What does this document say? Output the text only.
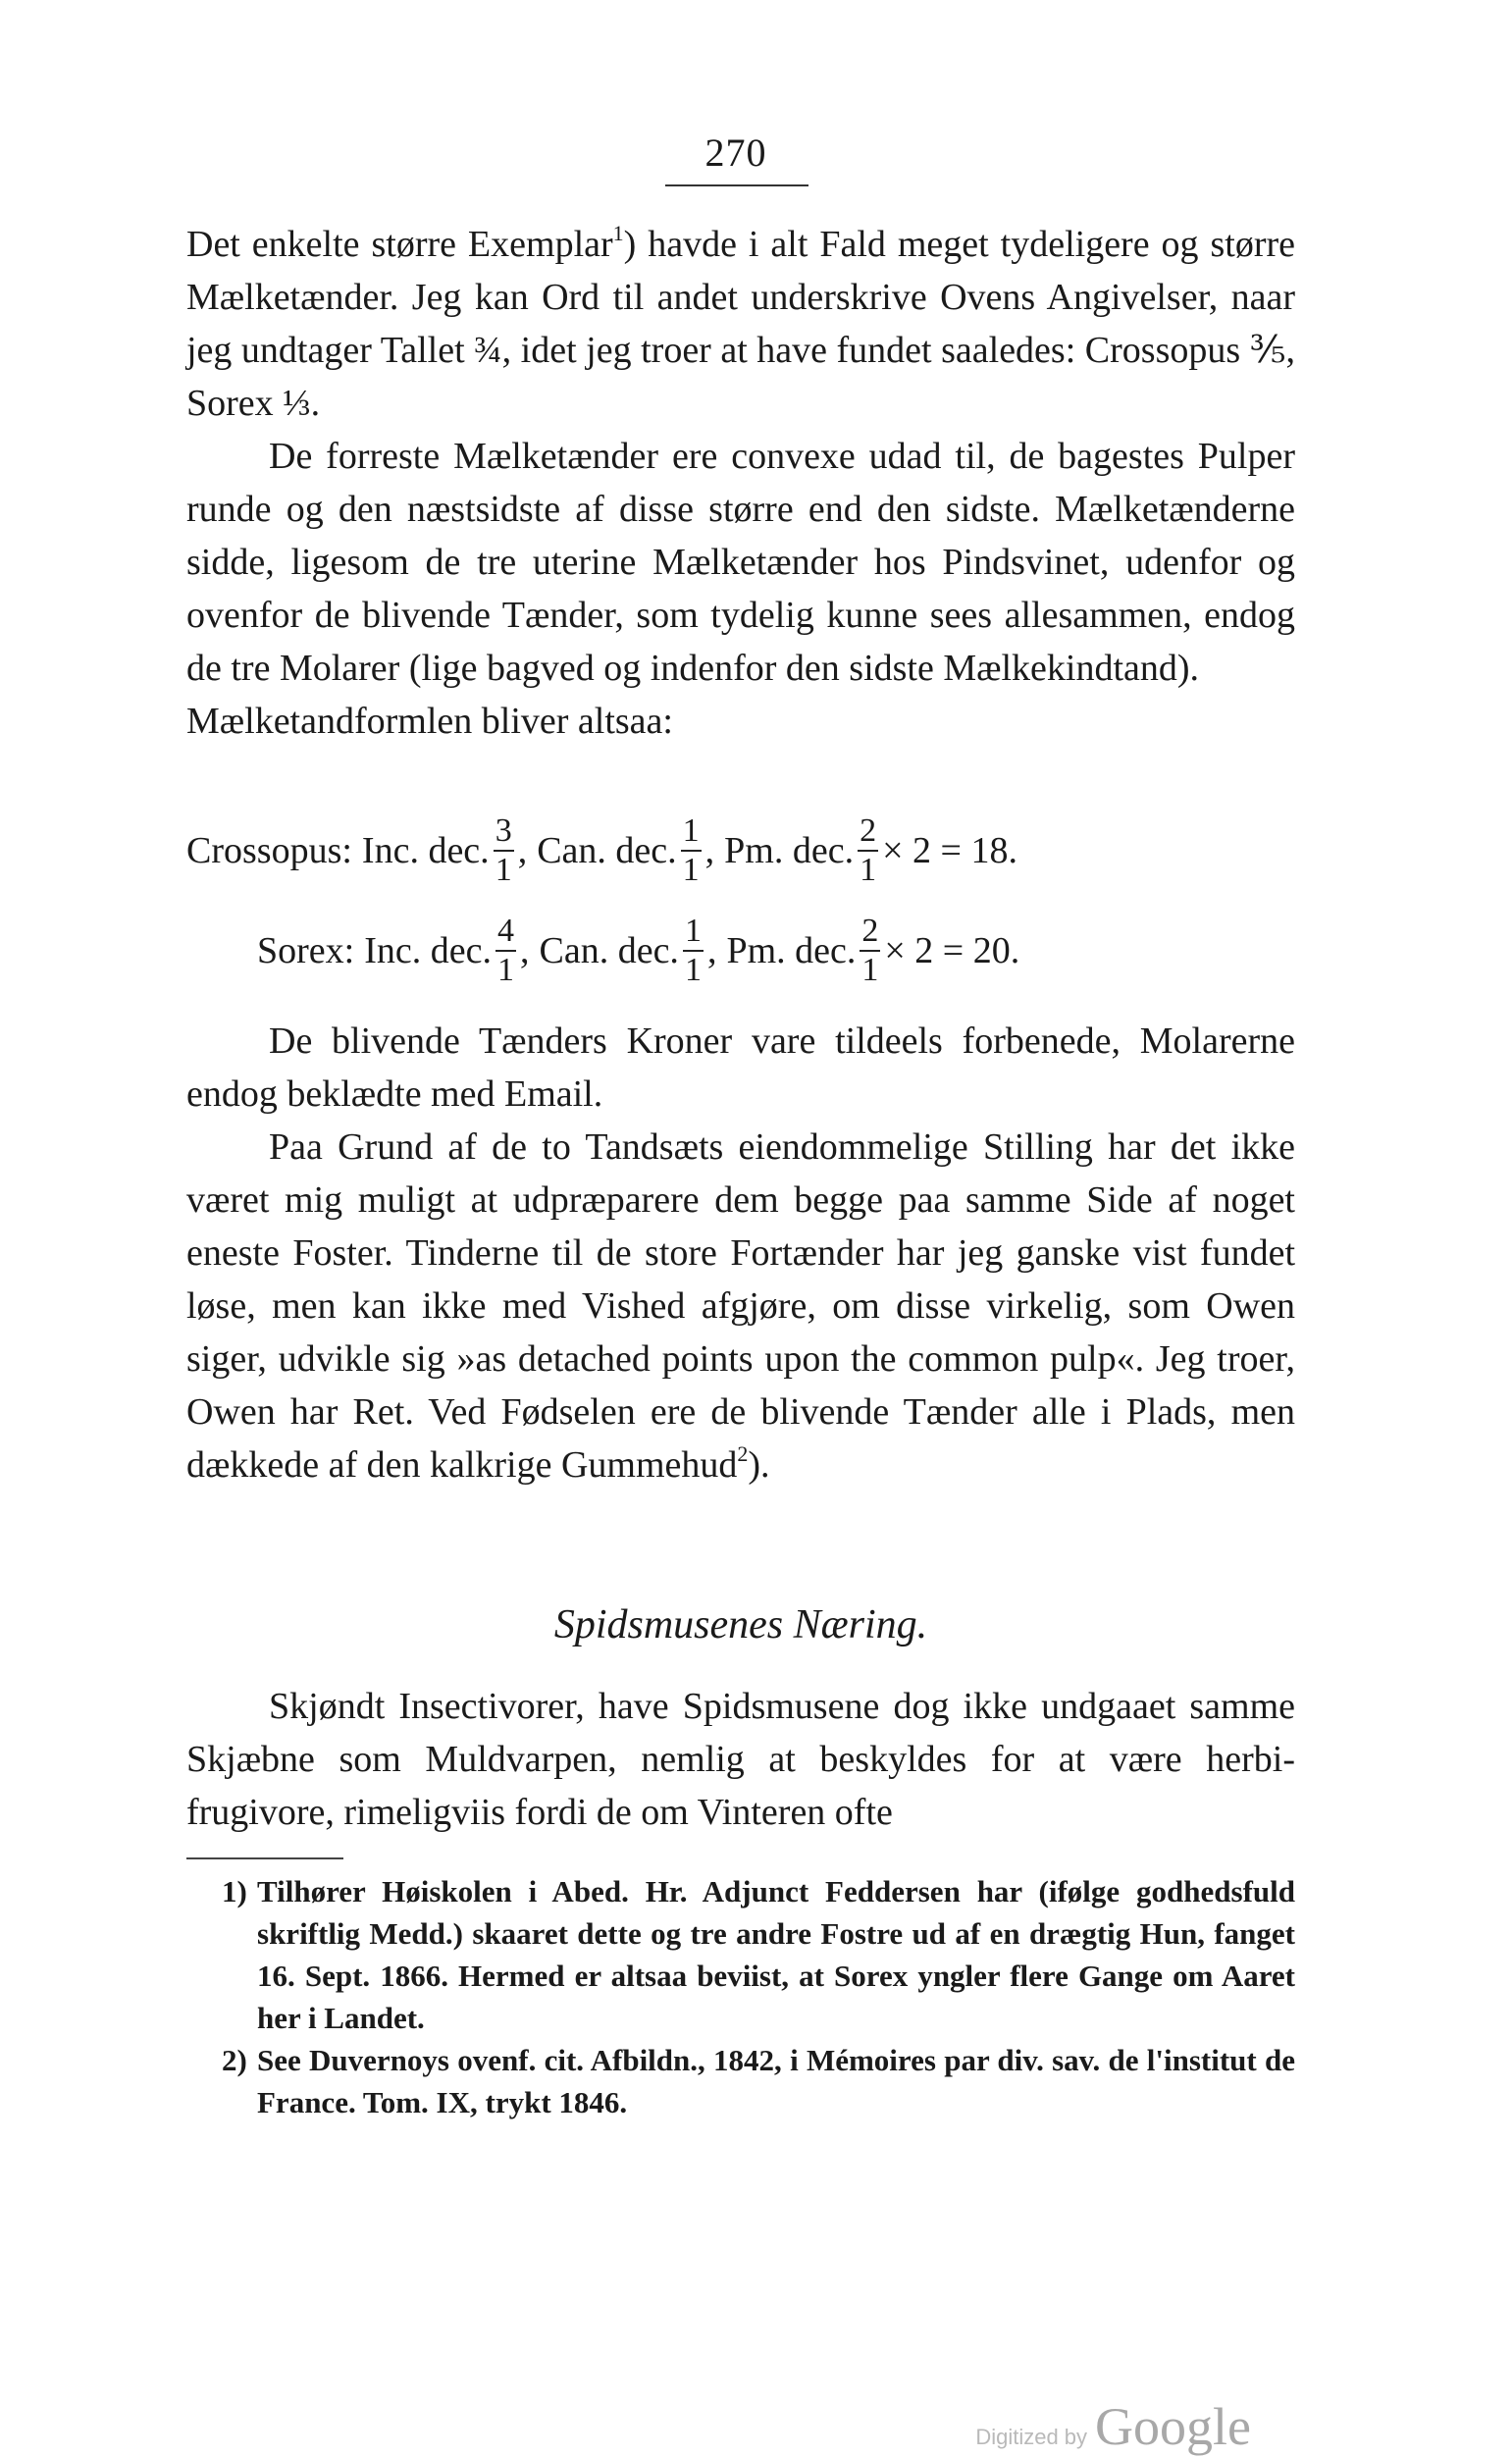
270

Det enkelte større Exemplar$^1$) havde i alt Fald meget tydeligere og større Mælketænder. Jeg kan Ord til andet underskrive Ovens Angivelser, naar jeg undtager Tallet ¾, idet jeg troer at have fundet saaledes: Crossopus ⅗, Sorex ⅓.

De forreste Mælketænder ere convexe udad til, de bagestes Pulper runde og den næstsidste af disse større end den sidste. Mælketænderne sidde, ligesom de tre uterine Mælketænder hos Pindsvinet, udenfor og ovenfor de blivende Tænder, som tydelig kunne sees allesammen, endog de tre Molarer (lige bagved og indenfor den sidste Mælkekindtand).

Mælketandformlen bliver altsaa:

Crossopus: Inc. dec. $\frac{3}{1}$ , Can. dec. $\frac{1}{1}$ , Pm. dec. $\frac{2}{1} \times 2 = 18$.
Sorex: Inc. dec. $\frac{4}{1}$ , Can. dec. $\frac{1}{1}$ , Pm. dec. $\frac{2}{1} \times 2 = 20$.

De blivende Tænders Kroner vare tildeels forbenede, Molarerne endog beklædte med Email.

Paa Grund af de to Tandsæts eiendommelige Stilling har det ikke været mig muligt at udpræparere dem begge paa samme Side af noget eneste Foster. Tinderne til de store Fortænder har jeg ganske vist fundet løse, men kan ikke med Vished afgjøre, om disse virkelig, som Owen siger, udvikle sig »as detached points upon the common pulp«. Jeg troer, Owen har Ret. Ved Fødselen ere de blivende Tænder alle i Plads, men dækkede af den kalkrige Gummehud$^2$).

Spidsmusenes Næring.

Skjøndt Insectivorer, have Spidsmusene dog ikke undgaaet samme Skjæbne som Muldvarpen, nemlig at beskyldes for at være herbi-frugivore, rimeligviis fordi de om Vinteren ofte

1) Tilhører Høiskolen i Abed. Hr. Adjunct Feddersen har (ifølge godhedsfuld skriftlig Medd.) skaaret dette og tre andre Fostre ud af en drægtig Hun, fanget 16. Sept. 1866. Hermed er altsaa beviist, at Sorex yngler flere Gange om Aaret her i Landet.
2) See Duvernoys ovenf. cit. Afbildn., 1842, i Mémoires par div. sav. de l'institut de France. Tom. IX, trykt 1846.
Digitized by Google
